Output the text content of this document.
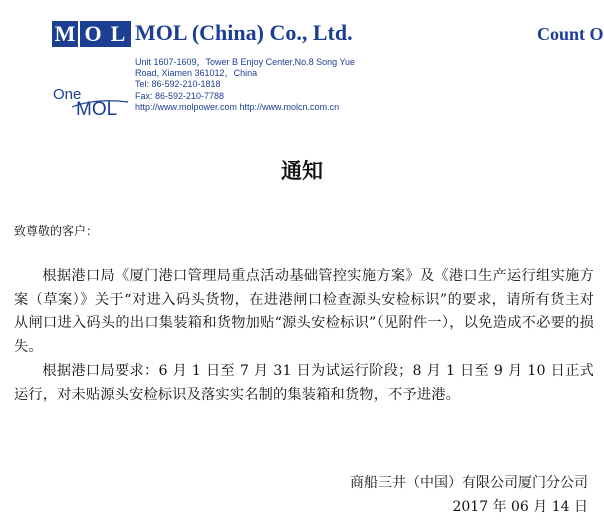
M O L MOL (China) Co., Ltd.	Count O
One
MOL
Unit 1607-1609，Tower B Enjoy Center,No.8 Song Yue
Road, Xiamen 361012，China
Tel: 86-592-210-1818
Fax: 86-592-210-7788
http://www.molpower.com http://www.molcn.com.cn
通知
致尊敬的客户：
根据港口局《厦门港口管理局重点活动基础管控实施方案》及《港口生产运行组实施方案（草案）》关于“对进入码头货物，在进港闸口检查源头安检标识”的要求，请所有货主对从闸口进入码头的出口集装箱和货物加贴“源头安检标识”（见附件一），以免造成不必要的损失。
根据港口局要求：6 月 1 日至 7 月 31 日为试运行阶段；8 月 1 日至 9 月 10 日正式运行，对未贴源头安检标识及落实实名制的集装箱和货物，不予进港。
商船三井（中国）有限公司厦门分公司
2017 年 06 月 14 日
